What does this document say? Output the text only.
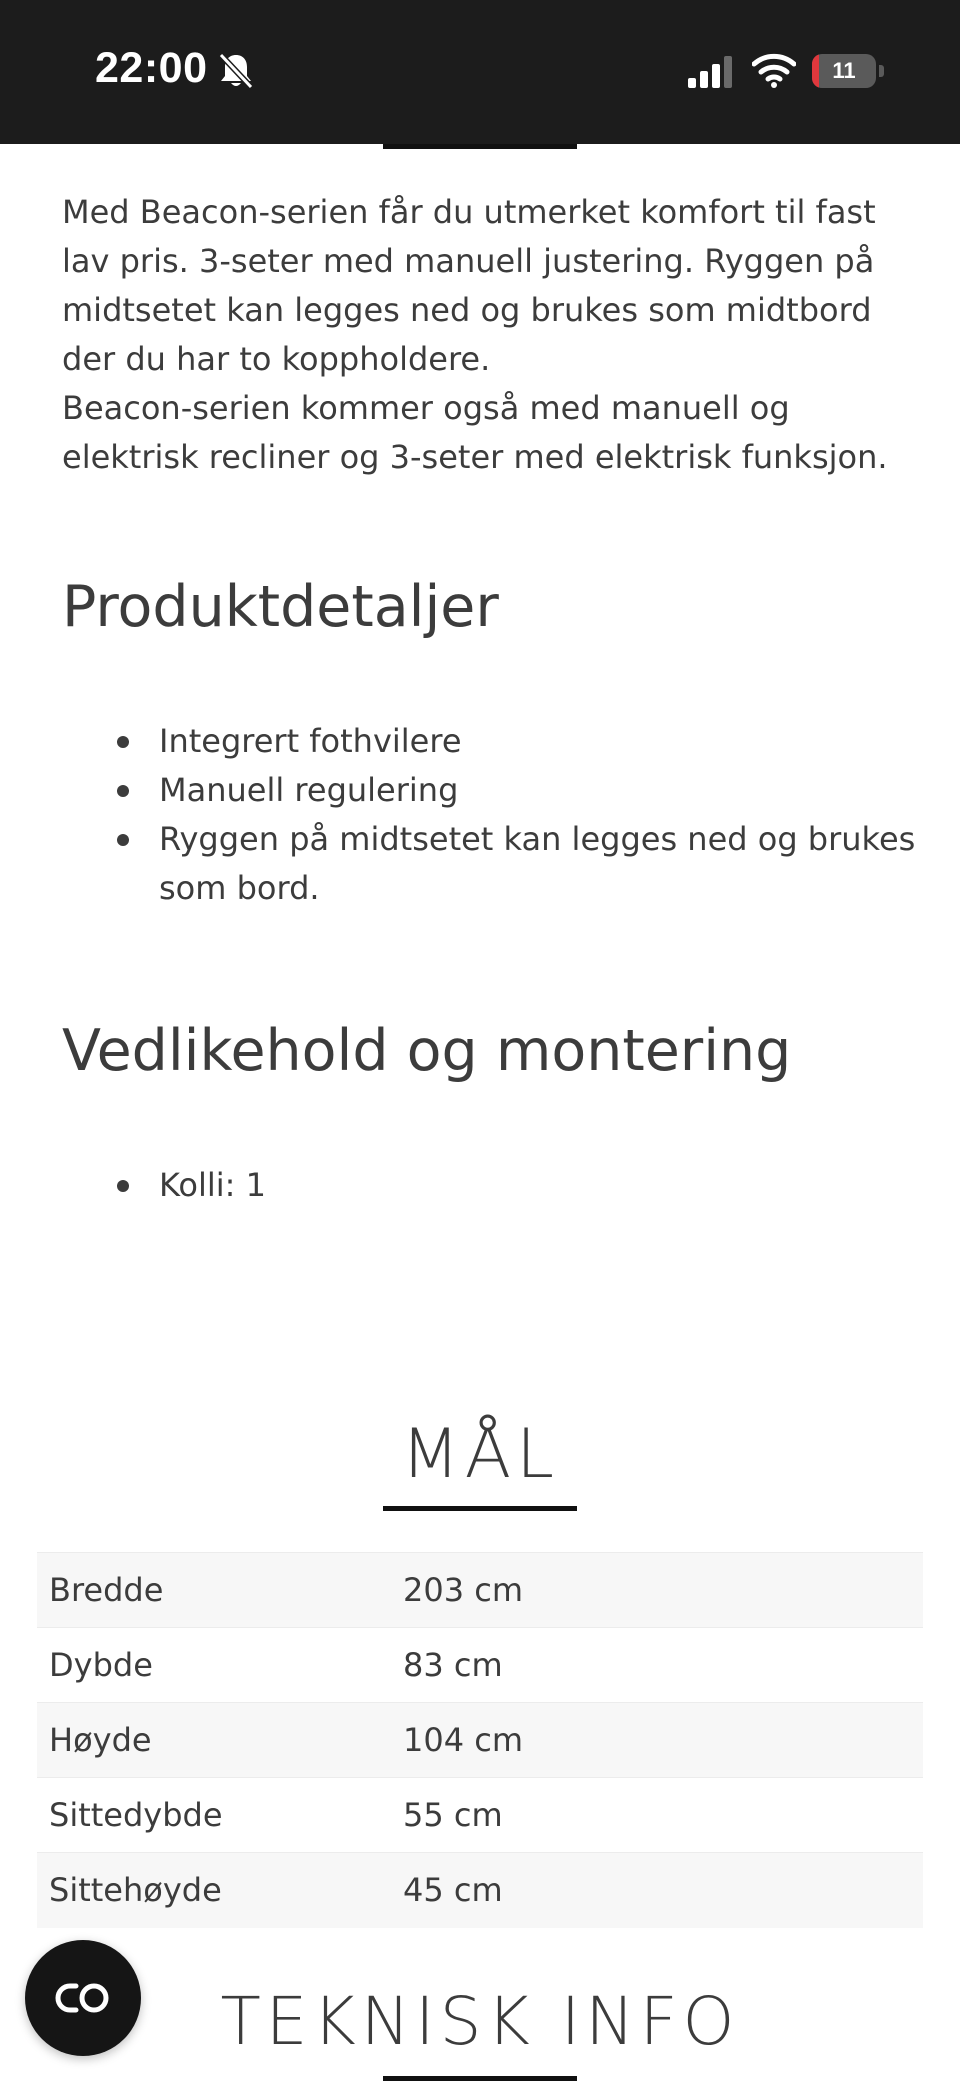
22:00	11

Med Beacon-serien får du utmerket komfort til fast lav pris. 3-seter med manuell justering. Ryggen på midtsetet kan legges ned og brukes som midtbord der du har to koppholdere.

Beacon-serien kommer også med manuell og elektrisk recliner og 3-seter med elektrisk funksjon.

Produktdetaljer
Integrert fothvilere
Manuell regulering
Ryggen på midtsetet kan legges ned og brukes som bord.
Vedlikehold og montering
Kolli: 1
MÅL
Bredde	203 cm
Dybde	83 cm
Høyde	104 cm
Sittedybde	55 cm
Sittehøyde	45 cm
TEKNISK INFO
